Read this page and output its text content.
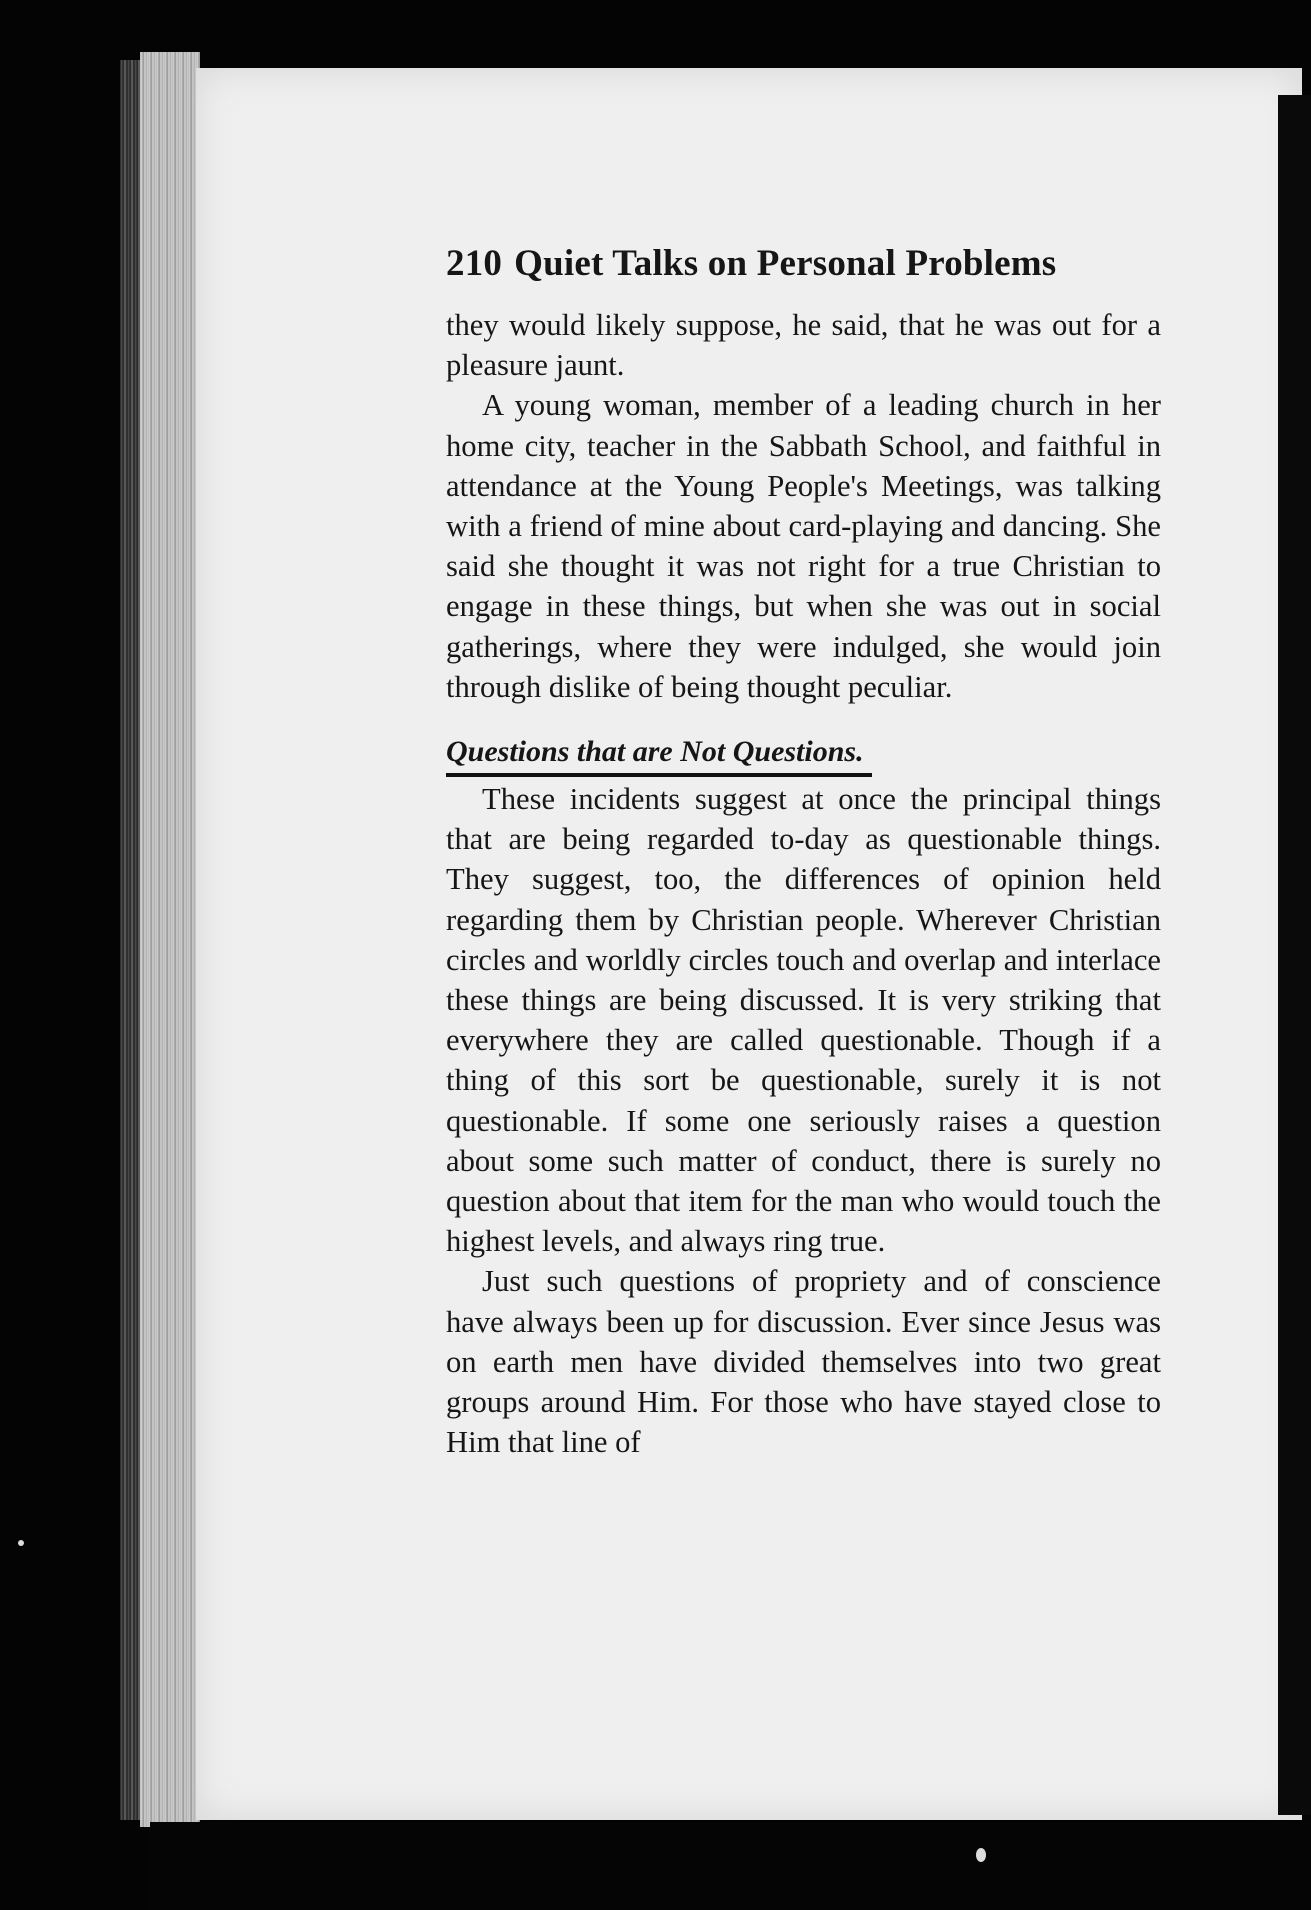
210 Quiet Talks on Personal Problems

they would likely suppose, he said, that he was out for a pleasure jaunt.

A young woman, member of a leading church in her home city, teacher in the Sabbath School, and faithful in attendance at the Young People's Meetings, was talking with a friend of mine about card-playing and dancing. She said she thought it was not right for a true Christian to engage in these things, but when she was out in social gatherings, where they were indulged, she would join through dislike of being thought peculiar.

Questions that are Not Questions.

These incidents suggest at once the principal things that are being regarded to-day as questionable things. They suggest, too, the differences of opinion held regarding them by Christian people. Wherever Christian circles and worldly circles touch and overlap and interlace these things are being discussed. It is very striking that everywhere they are called questionable. Though if a thing of this sort be questionable, surely it is not questionable. If some one seriously raises a question about some such matter of conduct, there is surely no question about that item for the man who would touch the highest levels, and always ring true.

Just such questions of propriety and of conscience have always been up for discussion. Ever since Jesus was on earth men have divided themselves into two great groups around Him. For those who have stayed close to Him that line of
